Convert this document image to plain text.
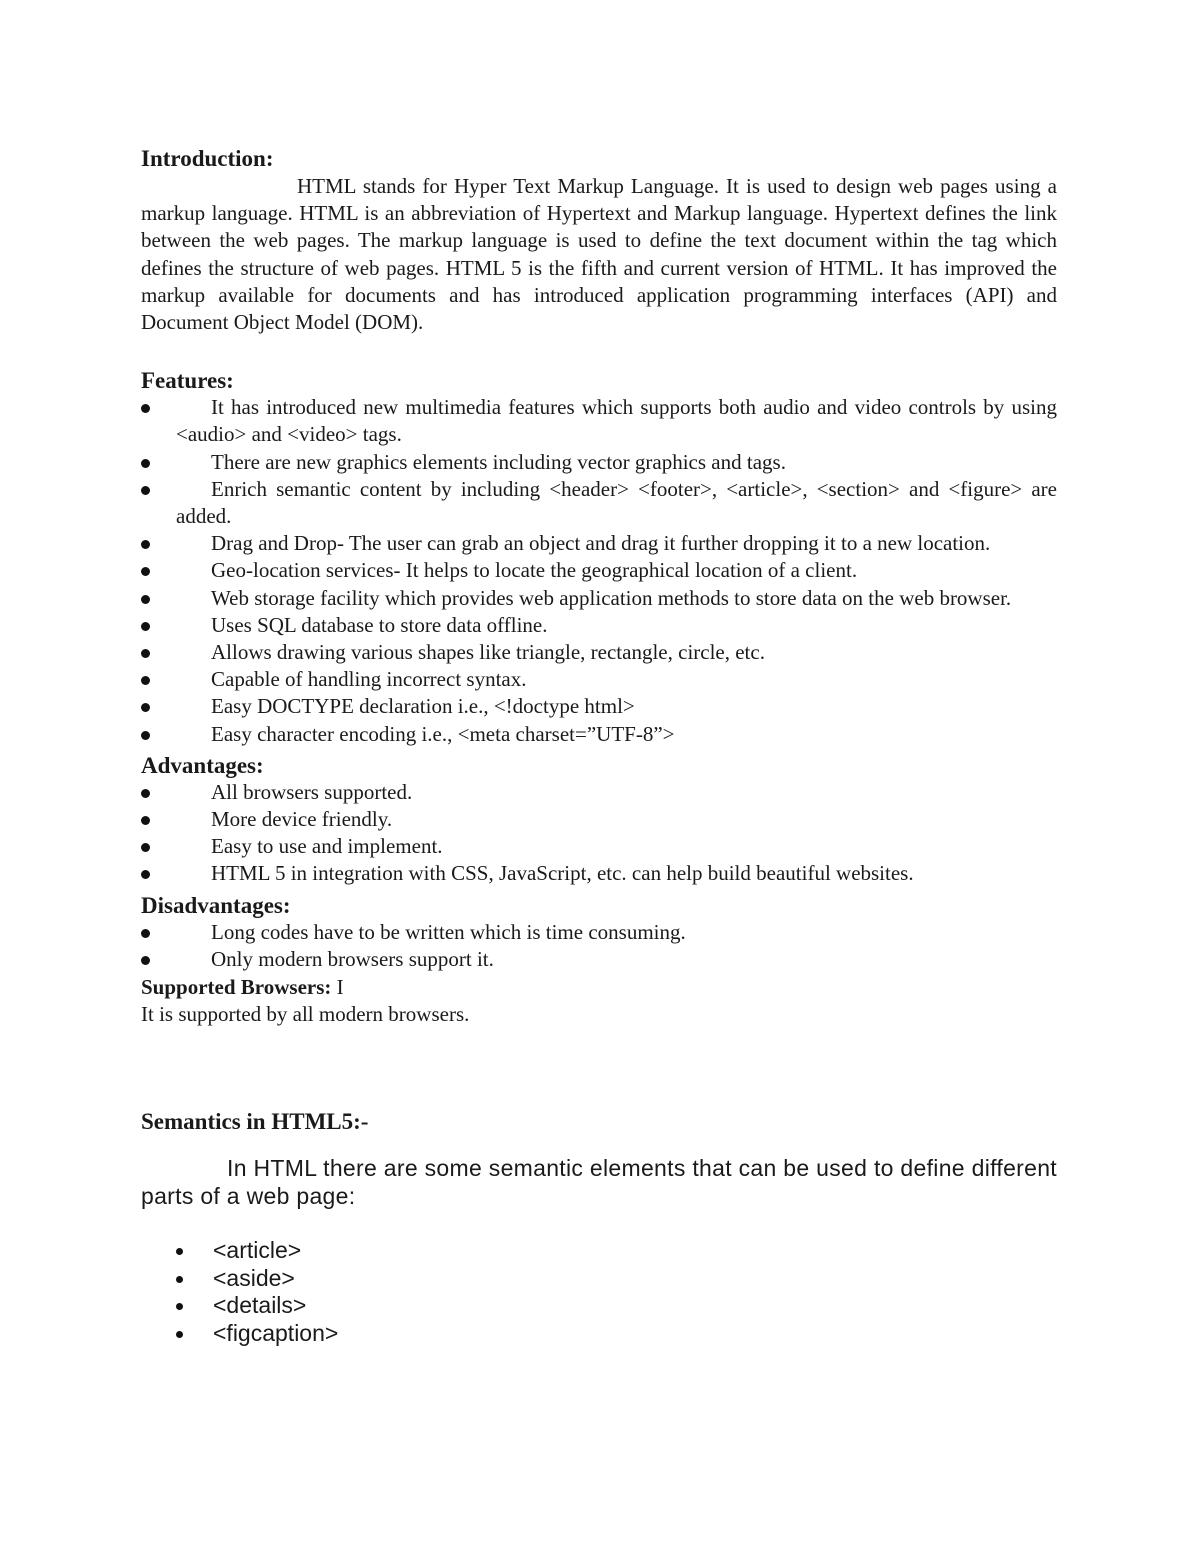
Introduction:

HTML stands for Hyper Text Markup Language. It is used to design web pages using a markup language. HTML is an abbreviation of Hypertext and Markup language. Hypertext defines the link between the web pages. The markup language is used to define the text document within the tag which defines the structure of web pages. HTML 5 is the fifth and current version of HTML. It has improved the markup available for documents and has introduced application programming interfaces (API) and Document Object Model (DOM).

Features:
It has introduced new multimedia features which supports both audio and video controls by using <audio> and <video> tags.
There are new graphics elements including vector graphics and tags.
Enrich semantic content by including <header> <footer>, <article>, <section> and <figure> are added.
Drag and Drop- The user can grab an object and drag it further dropping it to a new location.
Geo-location services- It helps to locate the geographical location of a client.
Web storage facility which provides web application methods to store data on the web browser.
Uses SQL database to store data offline.
Allows drawing various shapes like triangle, rectangle, circle, etc.
Capable of handling incorrect syntax.
Easy DOCTYPE declaration i.e., <!doctype html>
Easy character encoding i.e., <meta charset=”UTF-8”>
Advantages:
All browsers supported.
More device friendly.
Easy to use and implement.
HTML 5 in integration with CSS, JavaScript, etc. can help build beautiful websites.
Disadvantages:
Long codes have to be written which is time consuming.
Only modern browsers support it.

Supported Browsers: I

It is supported by all modern browsers.

Semantics in HTML5:-

In HTML there are some semantic elements that can be used to define different parts of a web page:

<article>
<aside>
<details>
<figcaption>
